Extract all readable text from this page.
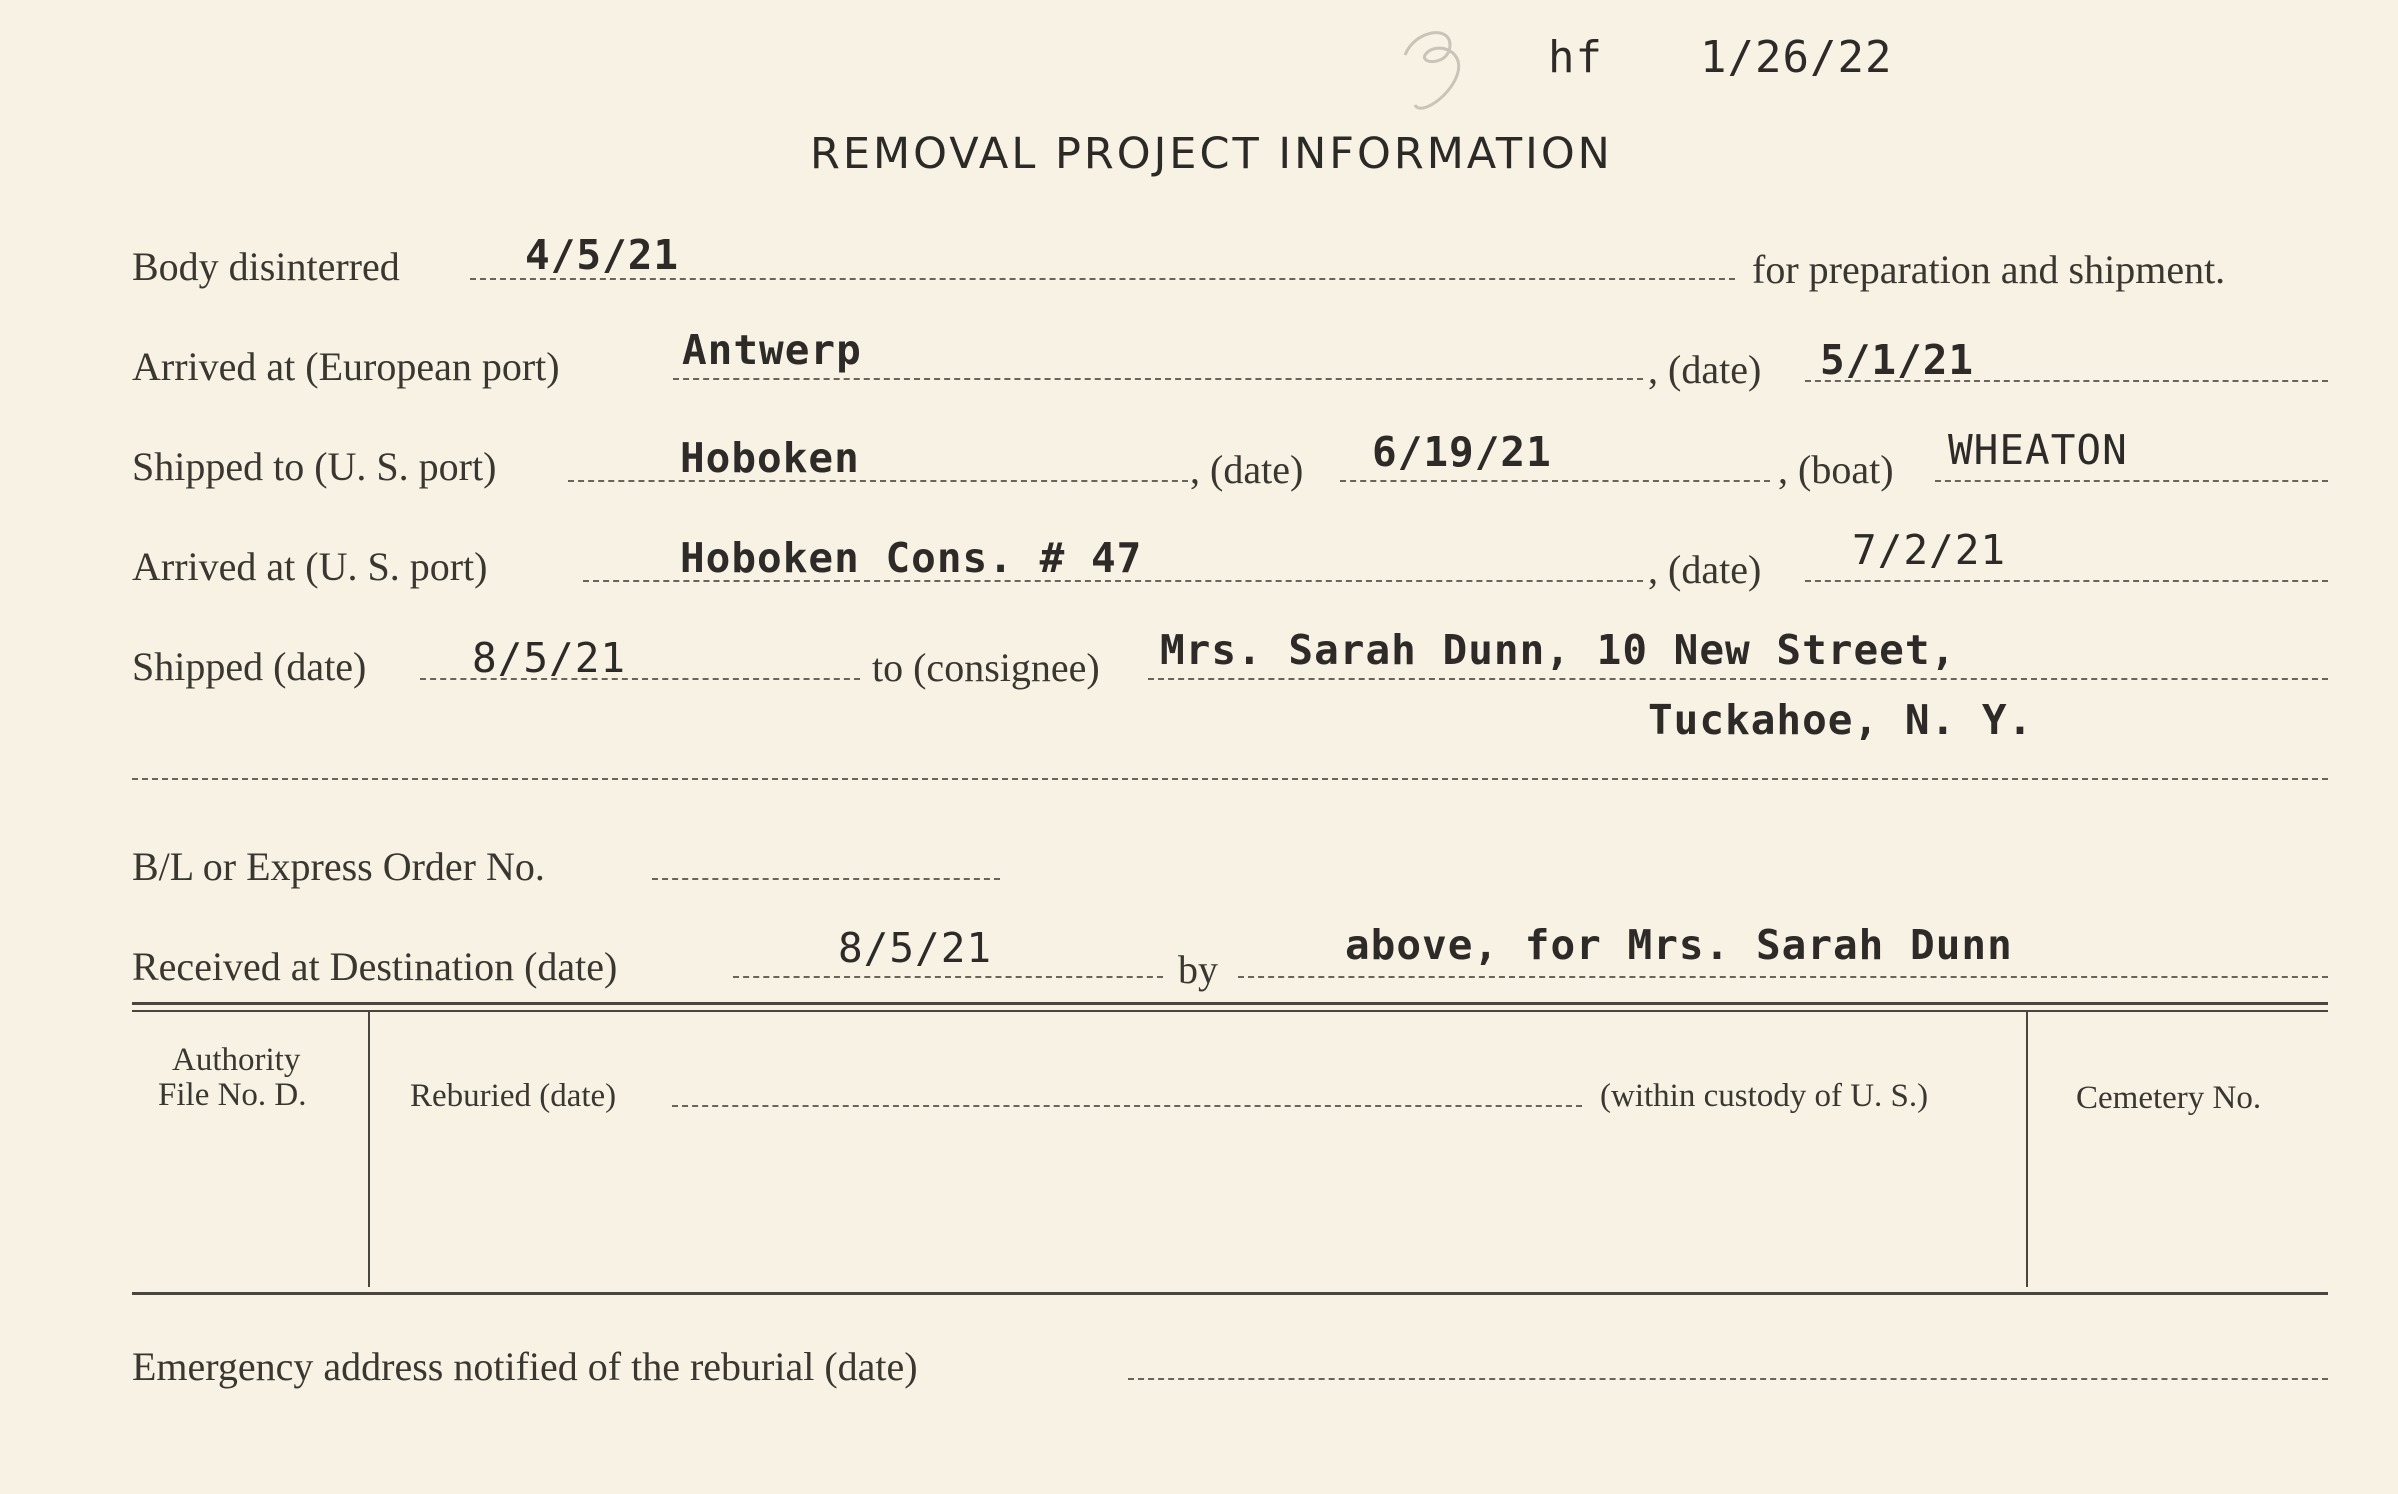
hf 1/26/22
REMOVAL PROJECT INFORMATION
Body disinterred	4/5/21	for preparation and shipment.
Arrived at (European port)	Antwerp	, (date) 5/1/21
Shipped to (U. S. port)	Hoboken	, (date) 6/19/21	, (boat) WHEATON
Arrived at (U. S. port)	Hoboken Cons. # 47	, (date) 7/2/21
Shipped (date)	8/5/21	to (consignee) Mrs. Sarah Dunn, 10 New Street,
Tuckahoe, N. Y.
B/L or Express Order No.
Received at Destination (date)	8/5/21	by
above, for Mrs. Sarah Dunn
Authority
File No. D.	Reburied (date)	(within custody of U. S.)	Cemetery No.
Emergency address notified of the reburial (date)
